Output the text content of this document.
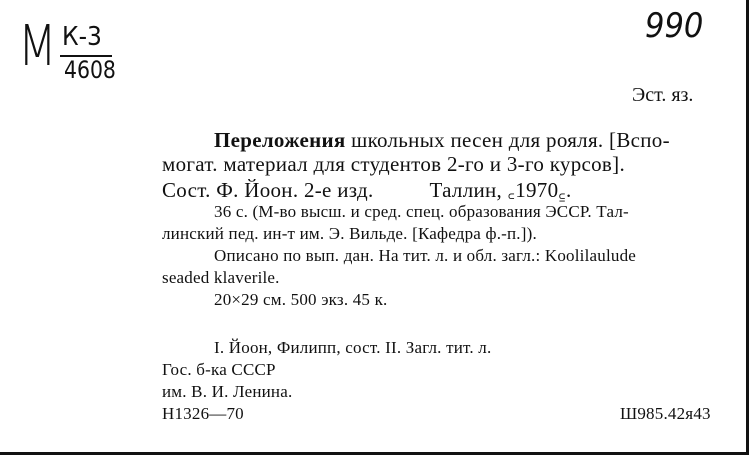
M К-3
4608
990
Эст. яз.
Переложения школьных песен для рояля. [Вспо-
могат. материал для студентов 2-го и 3-го курсов].
Сост. Ф. Йоон. 2-е изд.	Таллин, ꜀1970꜁.
36 с. (М-во высш. и сред. спец. образования ЭССР. Тал-
линский пед. ин-т им. Э. Вильде. [Кафедра ф.-п.]).
Описано по вып. дан. На тит. л. и обл. загл.: Koolilaulude
seaded klaverile.
20×29 см. 500 экз. 45 к.
I. Йоон, Филипп, сост. II. Загл. тит. л.
Гос. б-ка СССР
им. В. И. Ленина.
Н1326—70	Ш985.42я43
